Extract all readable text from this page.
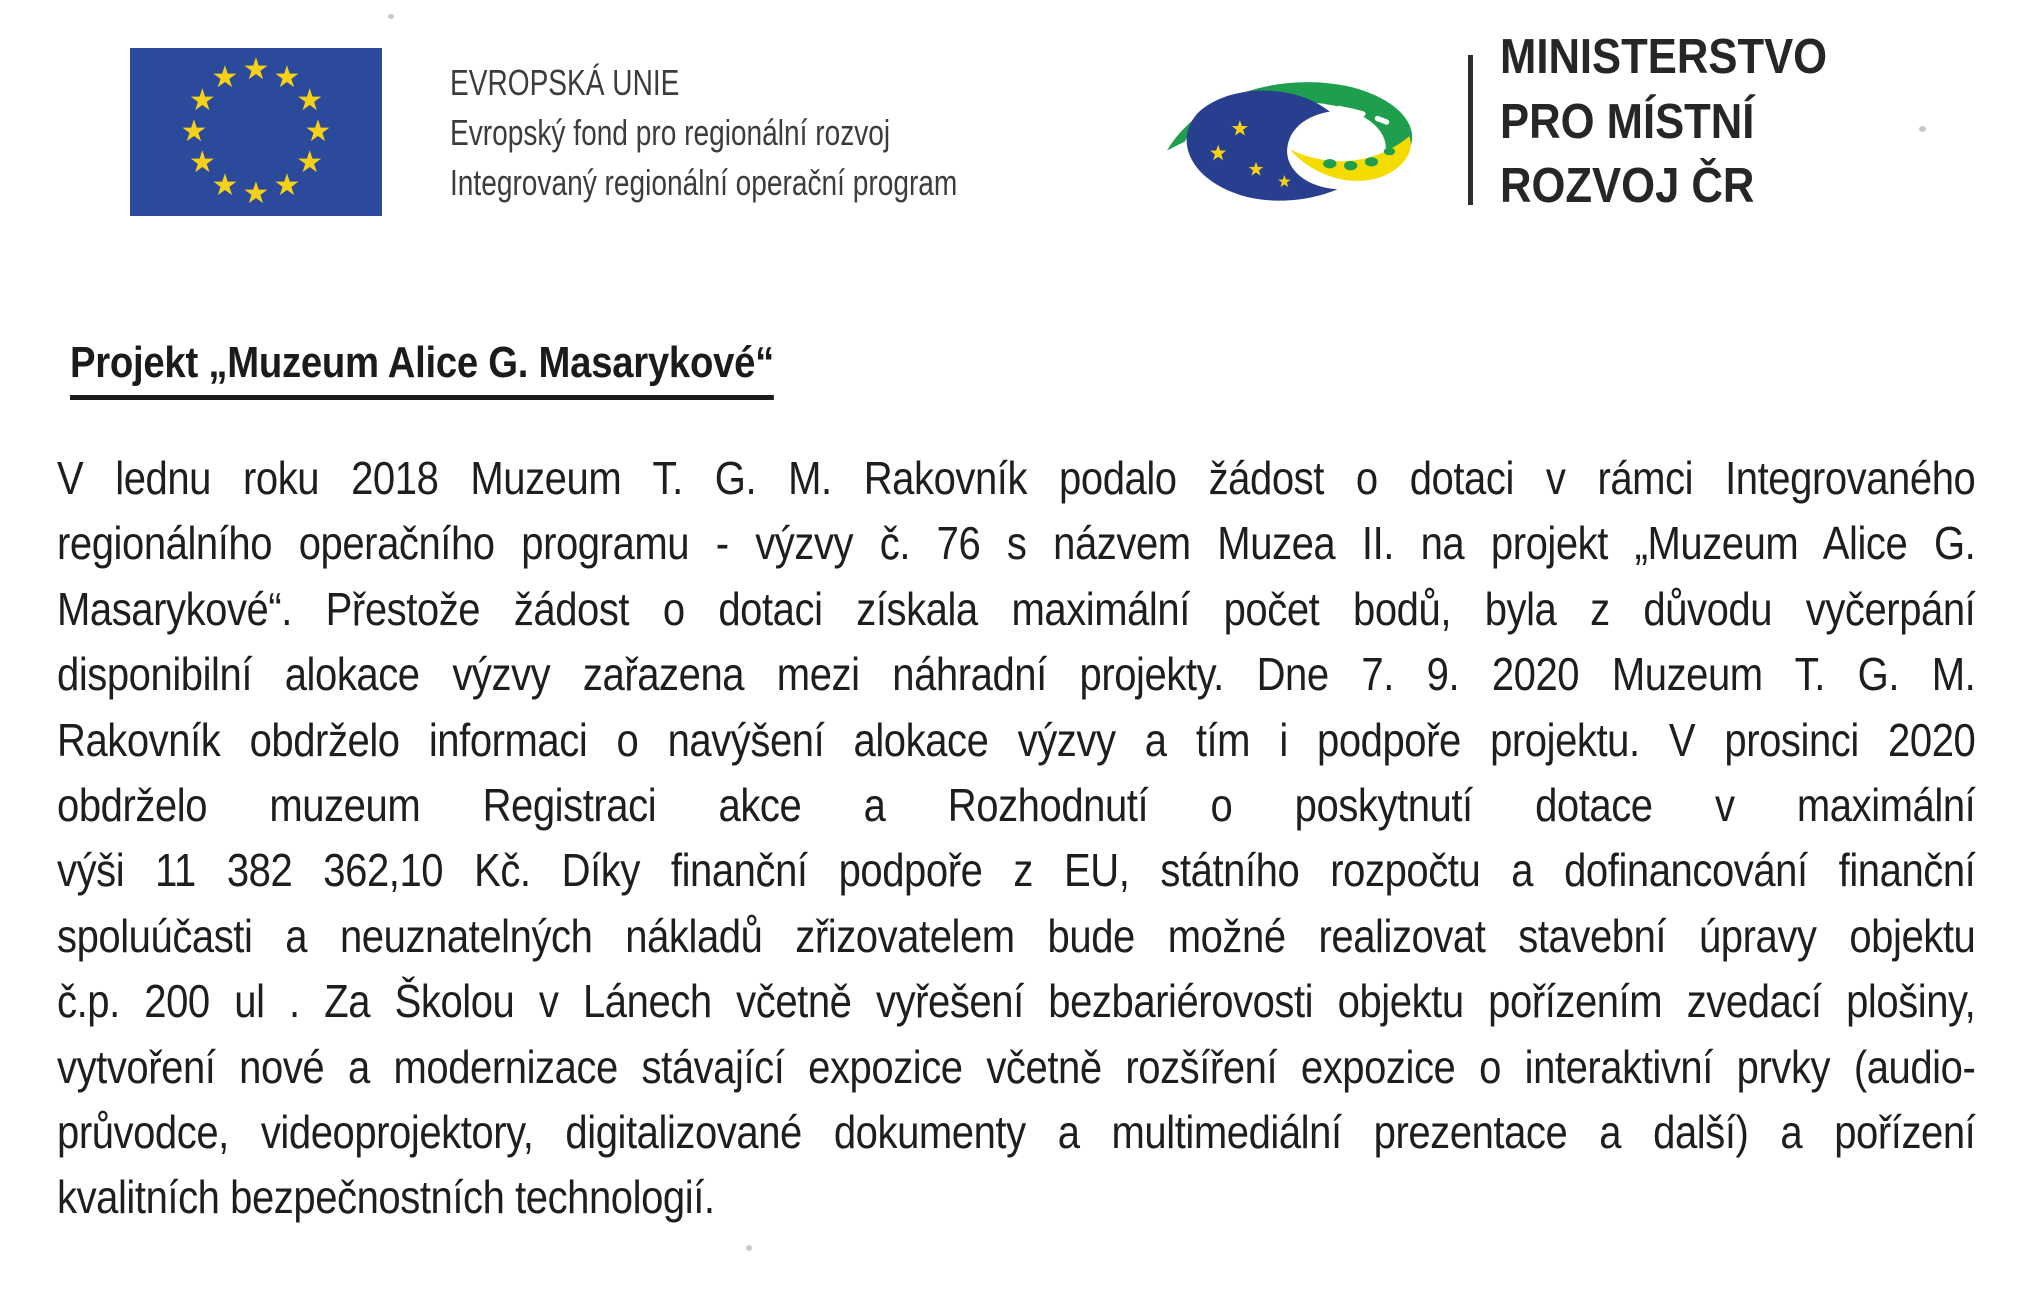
★ ★
★
★
★
★
★
★
★
★
★
★	EVROPSKÁ UNIE
Evropský fond pro regionální rozvoj
Integrovaný regionální operační program
MINISTERSTVO
PRO MÍSTNÍ
ROZVOJ ČR
Projekt „Muzeum Alice G. Masarykové“
V lednu roku 2018 Muzeum T. G. M. Rakovník podalo žádost o dotaci v rámci Integrovaného
regionálního operačního programu - výzvy č. 76 s názvem Muzea II. na projekt „Muzeum Alice G.
Masarykové“. Přestože žádost o dotaci získala maximální počet bodů, byla z důvodu vyčerpání
disponibilní alokace výzvy zařazena mezi náhradní projekty. Dne 7. 9. 2020 Muzeum T. G. M.
Rakovník obdrželo informaci o navýšení alokace výzvy a tím i podpoře projektu. V prosinci 2020
obdrželo muzeum Registraci akce a Rozhodnutí o poskytnutí dotace v maximální
výši 11 382 362,10 Kč. Díky finanční podpoře z EU, státního rozpočtu a dofinancování finanční
spoluúčasti a neuznatelných nákladů zřizovatelem bude možné realizovat stavební úpravy objektu
č.p. 200 ul . Za Školou v Lánech včetně vyřešení bezbariérovosti objektu pořízením zvedací plošiny,
vytvoření nové a modernizace stávající expozice včetně rozšíření expozice o interaktivní prvky (audio-
průvodce, videoprojektory, digitalizované dokumenty a multimediální prezentace a další) a pořízení
kvalitních bezpečnostních technologií.
